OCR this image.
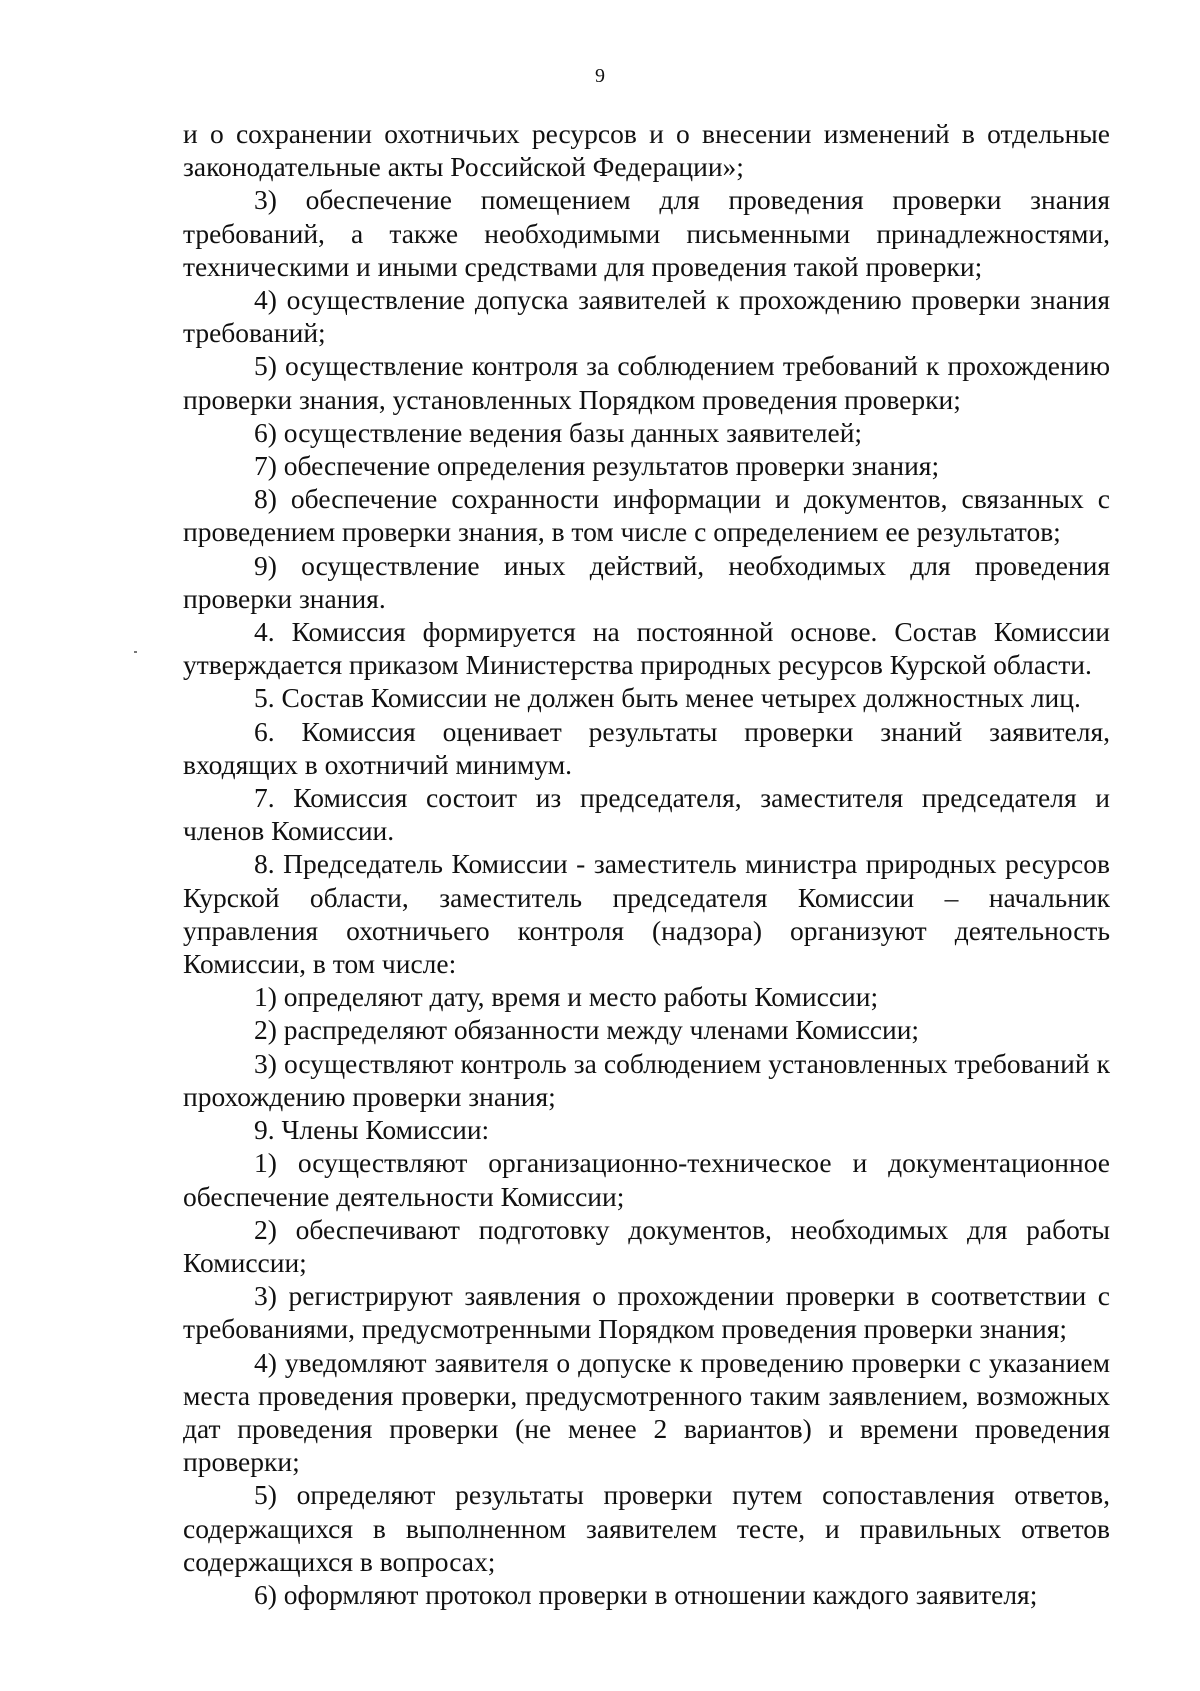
9

и о сохранении охотничьих ресурсов и о внесении изменений в отдельные законодательные акты Российской Федерации»;

3) обеспечение помещением для проведения проверки знания требований, а также необходимыми письменными принадлежностями, техническими и иными средствами для проведения такой проверки;

4) осуществление допуска заявителей к прохождению проверки знания требований;

5) осуществление контроля за соблюдением требований к прохождению проверки знания, установленных Порядком проведения проверки;

6) осуществление ведения базы данных заявителей;

7) обеспечение определения результатов проверки знания;

8) обеспечение сохранности информации и документов, связанных с проведением проверки знания, в том числе с определением ее результатов;

9) осуществление иных действий, необходимых для проведения проверки знания.

4. Комиссия формируется на постоянной основе. Состав Комиссии утверждается приказом Министерства природных ресурсов Курской области.

5. Состав Комиссии не должен быть менее четырех должностных лиц.

6. Комиссия оценивает результаты проверки знаний заявителя, входящих в охотничий минимум.

7. Комиссия состоит из председателя, заместителя председателя и членов Комиссии.

8. Председатель Комиссии - заместитель министра природных ресурсов Курской области, заместитель председателя Комиссии – начальник управления охотничьего контроля (надзора) организуют деятельность Комиссии, в том числе:

1) определяют дату, время и место работы Комиссии;

2) распределяют обязанности между членами Комиссии;

3) осуществляют контроль за соблюдением установленных требований к прохождению проверки знания;

9. Члены Комиссии:

1) осуществляют организационно-техническое и документационное обеспечение деятельности Комиссии;

2) обеспечивают подготовку документов, необходимых для работы Комиссии;

3) регистрируют заявления о прохождении проверки в соответствии с требованиями, предусмотренными Порядком проведения проверки знания;

4) уведомляют заявителя о допуске к проведению проверки с указанием места проведения проверки, предусмотренного таким заявлением, возможных дат проведения проверки (не менее 2 вариантов) и времени проведения проверки;

5) определяют результаты проверки путем сопоставления ответов, содержащихся в выполненном заявителем тесте, и правильных ответов содержащихся в вопросах;

6) оформляют протокол проверки в отношении каждого заявителя;
